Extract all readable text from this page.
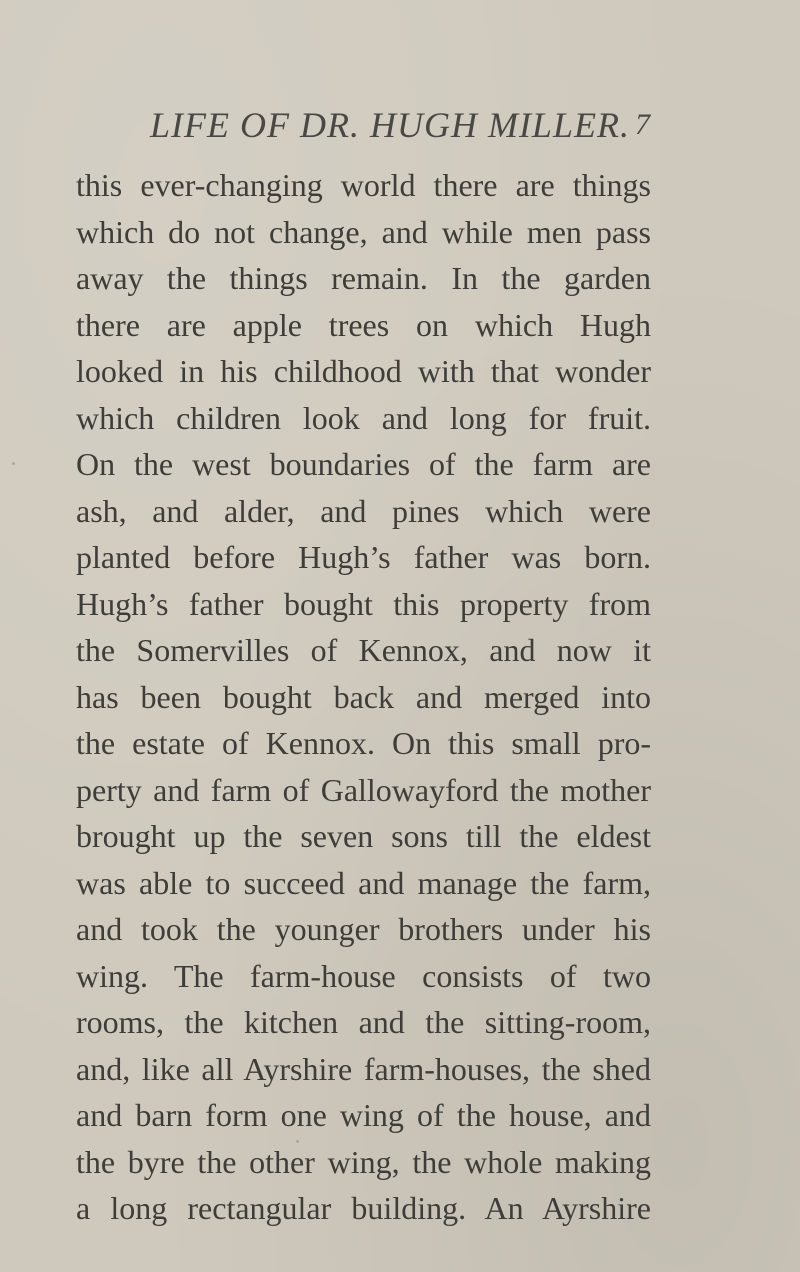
LIFE OF DR. HUGH MILLER. 7
this ever-changing world there are things
which do not change, and while men pass
away the things remain. In the garden
there are apple trees on which Hugh
looked in his childhood with that wonder
which children look and long for fruit.
On the west boundaries of the farm are
ash, and alder, and pines which were
planted before Hugh’s father was born.
Hugh’s father bought this property from
the Somervilles of Kennox, and now it
has been bought back and merged into
the estate of Kennox. On this small pro-
perty and farm of Gallowayford the mother
brought up the seven sons till the eldest
was able to succeed and manage the farm,
and took the younger brothers under his
wing. The farm-house consists of two
rooms, the kitchen and the sitting-room,
and, like all Ayrshire farm-houses, the shed
and barn form one wing of the house, and
the byre the other wing, the whole making
a long rectangular building. An Ayrshire
